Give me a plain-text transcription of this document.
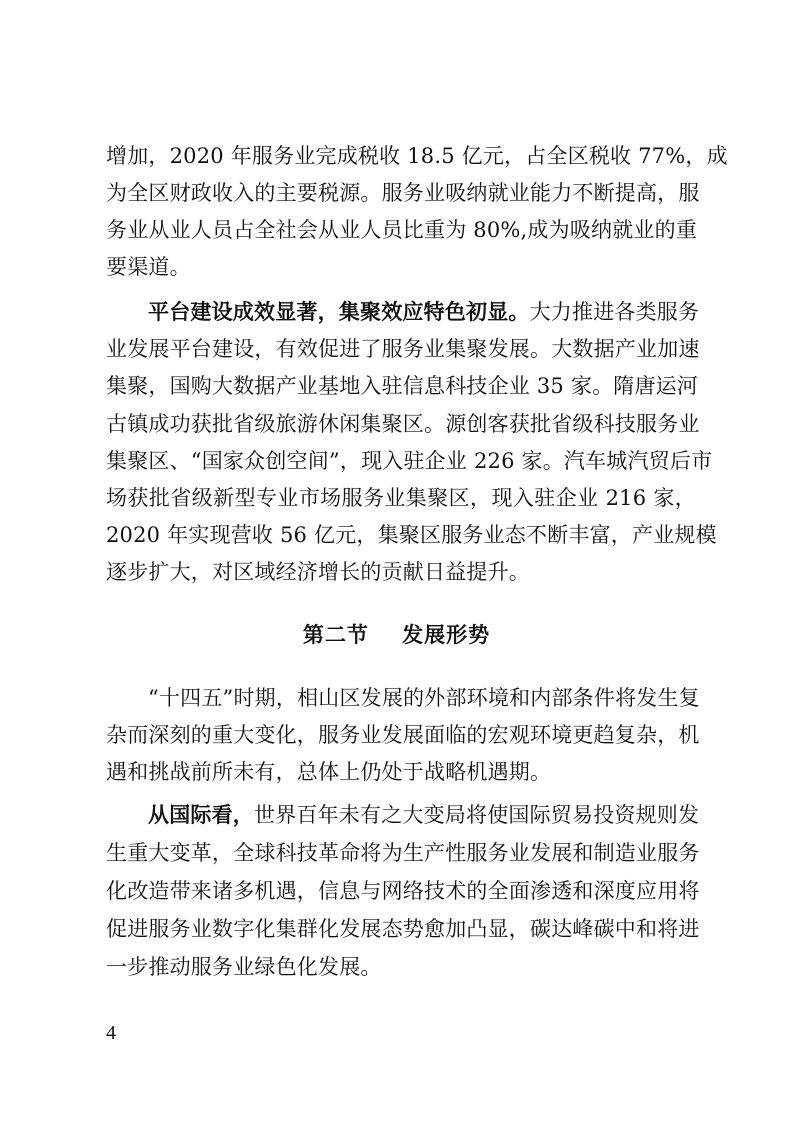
增加，2020 年服务业完成税收 18.5 亿元，占全区税收 77%，成
为全区财政收入的主要税源。服务业吸纳就业能力不断提高，服
务业从业人员占全社会从业人员比重为 80%,成为吸纳就业的重
要渠道。
平台建设成效显著，集聚效应特色初显。大力推进各类服务
业发展平台建设，有效促进了服务业集聚发展。大数据产业加速
集聚，国购大数据产业基地入驻信息科技企业 35 家。隋唐运河
古镇成功获批省级旅游休闲集聚区。源创客获批省级科技服务业
集聚区、“国家众创空间”，现入驻企业 226 家。汽车城汽贸后市
场获批省级新型专业市场服务业集聚区，现入驻企业 216 家，
2020 年实现营收 56 亿元，集聚区服务业态不断丰富，产业规模
逐步扩大，对区域经济增长的贡献日益提升。
第二节    发展形势
“十四五”时期，相山区发展的外部环境和内部条件将发生复
杂而深刻的重大变化，服务业发展面临的宏观环境更趋复杂，机
遇和挑战前所未有，总体上仍处于战略机遇期。
从国际看，世界百年未有之大变局将使国际贸易投资规则发
生重大变革，全球科技革命将为生产性服务业发展和制造业服务
化改造带来诸多机遇，信息与网络技术的全面渗透和深度应用将
促进服务业数字化集群化发展态势愈加凸显，碳达峰碳中和将进
一步推动服务业绿色化发展。
4
